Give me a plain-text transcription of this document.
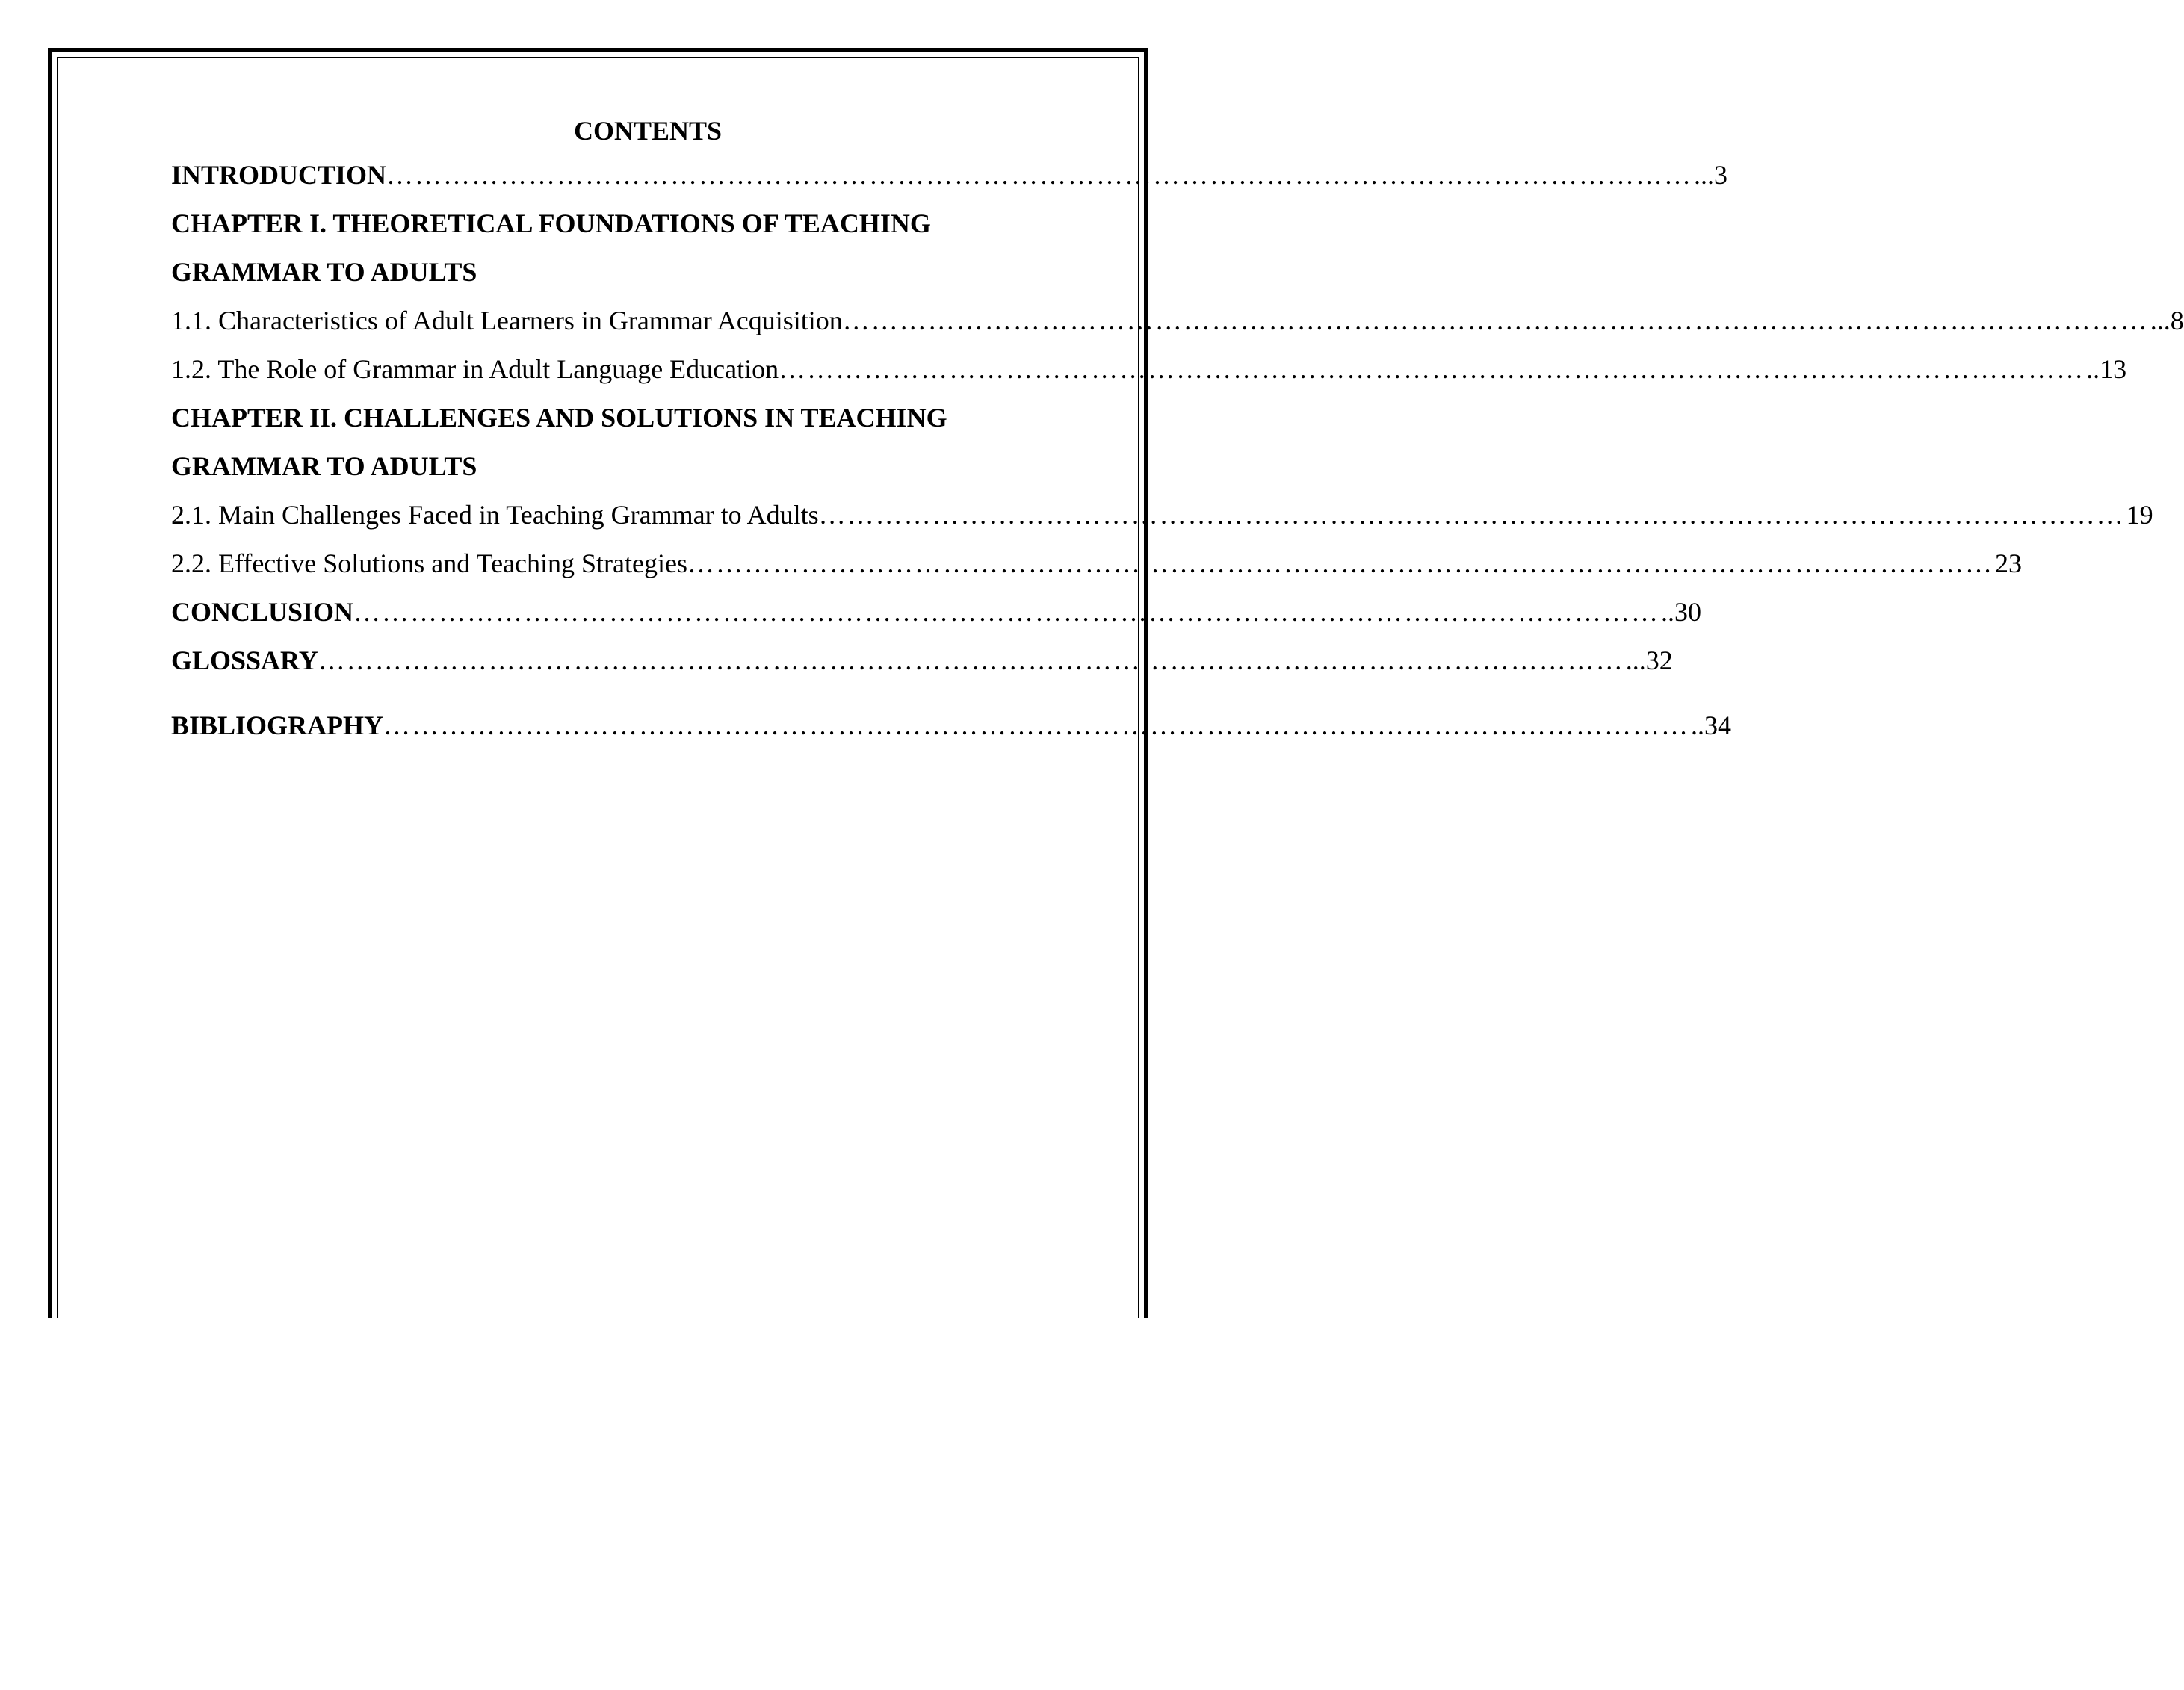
CONTENTS
INTRODUCTION ………………………………………………………………………………………………………………………… ...3
CHAPTER I. THEORETICAL FOUNDATIONS OF TEACHING
GRAMMAR TO ADULTS
1.1. Characteristics of Adult Learners in Grammar Acquisition ………………………………………………………………………………………………………………………… ...8
1.2. The Role of Grammar in Adult Language Education ………………………………………………………………………………………………………………………… ..13
CHAPTER II. CHALLENGES AND SOLUTIONS IN TEACHING
GRAMMAR TO ADULTS
2.1. Main Challenges Faced in Teaching Grammar to Adults ………………………………………………………………………………………………………………………… 19
2.2. Effective Solutions and Teaching Strategies ………………………………………………………………………………………………………………………… 23
CONCLUSION ………………………………………………………………………………………………………………………… ..30
GLOSSARY ………………………………………………………………………………………………………………………… ...32
BIBLIOGRAPHY ………………………………………………………………………………………………………………………… ..34
